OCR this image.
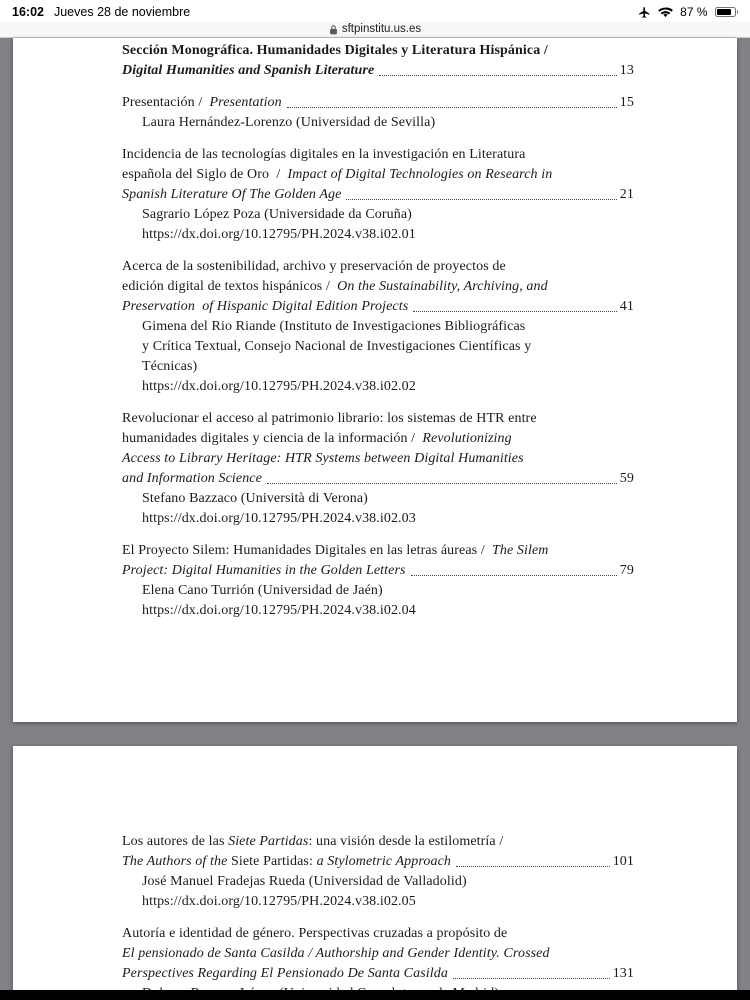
16:02 Jueves 28 de noviembre	87 %
sftpinstitu.us.es
Sección Monográfica. Humanidades Digitales y Literatura Hispánica /
Digital Humanities and Spanish Literature	13
Presentación / Presentation	15
Laura Hernández-Lorenzo (Universidad de Sevilla)
Incidencia de las tecnologías digitales en la investigación en Literatura
española del Siglo de Oro  / Impact of Digital Technologies on Research in
Spanish Literature Of The Golden Age	21
Sagrario López Poza (Universidade da Coruña)
https://dx.doi.org/10.12795/PH.2024.v38.i02.01
Acerca de la sostenibilidad, archivo y preservación de proyectos de
edición digital de textos hispánicos / On the Sustainability, Archiving, and
Preservation  of Hispanic Digital Edition Projects	41
Gimena del Rio Riande (Instituto de Investigaciones Bibliográficas
y Crítica Textual, Consejo Nacional de Investigaciones Científicas y
Técnicas)
https://dx.doi.org/10.12795/PH.2024.v38.i02.02
Revolucionar el acceso al patrimonio librario: los sistemas de HTR entre
humanidades digitales y ciencia de la información / Revolutionizing
Access to Library Heritage: HTR Systems between Digital Humanities
and Information Science	59
Stefano Bazzaco (Università di Verona)
https://dx.doi.org/10.12795/PH.2024.v38.i02.03
El Proyecto Silem: Humanidades Digitales en las letras áureas / The Silem
Project: Digital Humanities in the Golden Letters	79
Elena Cano Turrión (Universidad de Jaén)
https://dx.doi.org/10.12795/PH.2024.v38.i02.04
Los autores de las Siete Partidas : una visión desde la estilometría /
The Authors of the Siete Partidas: a Stylometric Approach	101
José Manuel Fradejas Rueda (Universidad de Valladolid)
https://dx.doi.org/10.12795/PH.2024.v38.i02.05
Autoría e identidad de género. Perspectivas cruzadas a propósito de
El pensionado de Santa Casilda / Authorship and Gender Identity. Crossed
Perspectives Regarding El Pensionado De Santa Casilda	131
